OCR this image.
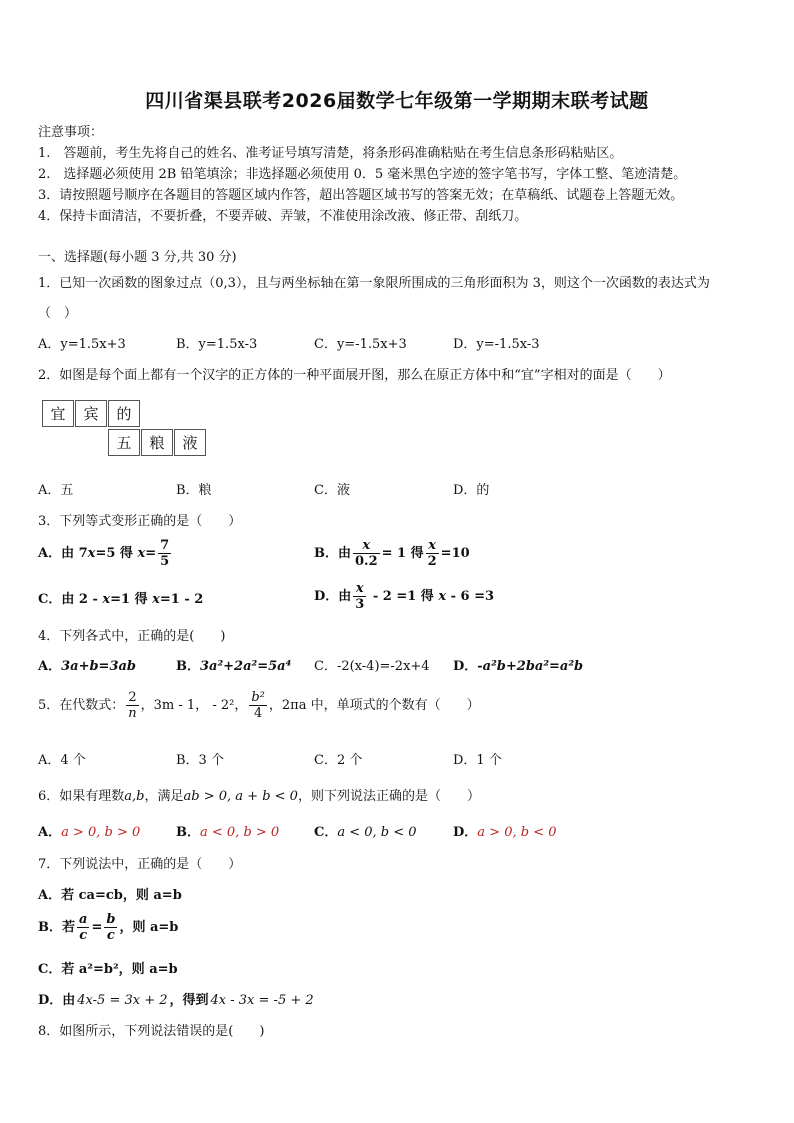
四川省渠县联考2026届数学七年级第一学期期末联考试题
注意事项：
1.　答题前，考生先将自己的姓名、准考证号填写清楚，将条形码准确粘贴在考生信息条形码粘贴区。
2.　选择题必须使用 2B 铅笔填涂；非选择题必须使用 0．5 毫米黑色字迹的签字笔书写，字体工整、笔迹清楚。
3．请按照题号顺序在各题目的答题区域内作答，超出答题区域书写的答案无效；在草稿纸、试题卷上答题无效。
4．保持卡面清洁，不要折叠，不要弄破、弄皱，不准使用涂改液、修正带、刮纸刀。
一、选择题(每小题 3 分,共 30 分)
1．已知一次函数的图象过点（0,3），且与两坐标轴在第一象限所围成的三角形面积为 3，则这个一次函数的表达式为
（　）
A．y=1.5x+3	B．y=1.5x-3	C．y=-1.5x+3	D．y=-1.5x-3
2．如图是每个面上都有一个汉字的正方体的一种平面展开图，那么在原正方体中和“宜”字相对的面是（　　）
宜	宾	的
五	粮	液
A．五	B．粮	C．液	D．的
3．下列等式变形正确的是（　　）
A．由 7x=5 得 $x= \frac{7}{5}$	B．由 $\frac{x}{0.2} = 1$ 得 $\frac{x}{2} =10$
C．由 2 - x=1 得 x=1 - 2	D．由 $\frac{x}{3} - 2 =1$ 得 x - 6 =3
4．下列各式中，正确的是(　　)
A．3a+b=3ab	B．3a²+2a²=5a⁴ C．-2(x-4)=-2x+4 D．-a²b+2ba²=a²b
5．在代数式： $\frac{2}{n}$ ，3m - 1， - 2²， $\frac{\text{b²}}{4}$ ，2πa 中，单项式的个数有（　　）
A．4 个	B．3 个	C．2 个	D．1 个
6．如果有理数a,b，满足ab > 0, a + b < 0，则下列说法正确的是（　　）
A．a > 0, b > 0	B．a < 0, b > 0	C．a < 0, b < 0	D．a > 0, b < 0
7．下列说法中，正确的是（　　）
A．若 ca=cb，则 a=b
B．若 $\frac{a}{c} = \frac{b}{c}$ ，则 a=b
C．若 a²=b²，则 a=b
D．由 4x-5 = 3x + 2 ，得到 4x - 3x = -5 + 2
8．如图所示，下列说法错误的是(　　)
